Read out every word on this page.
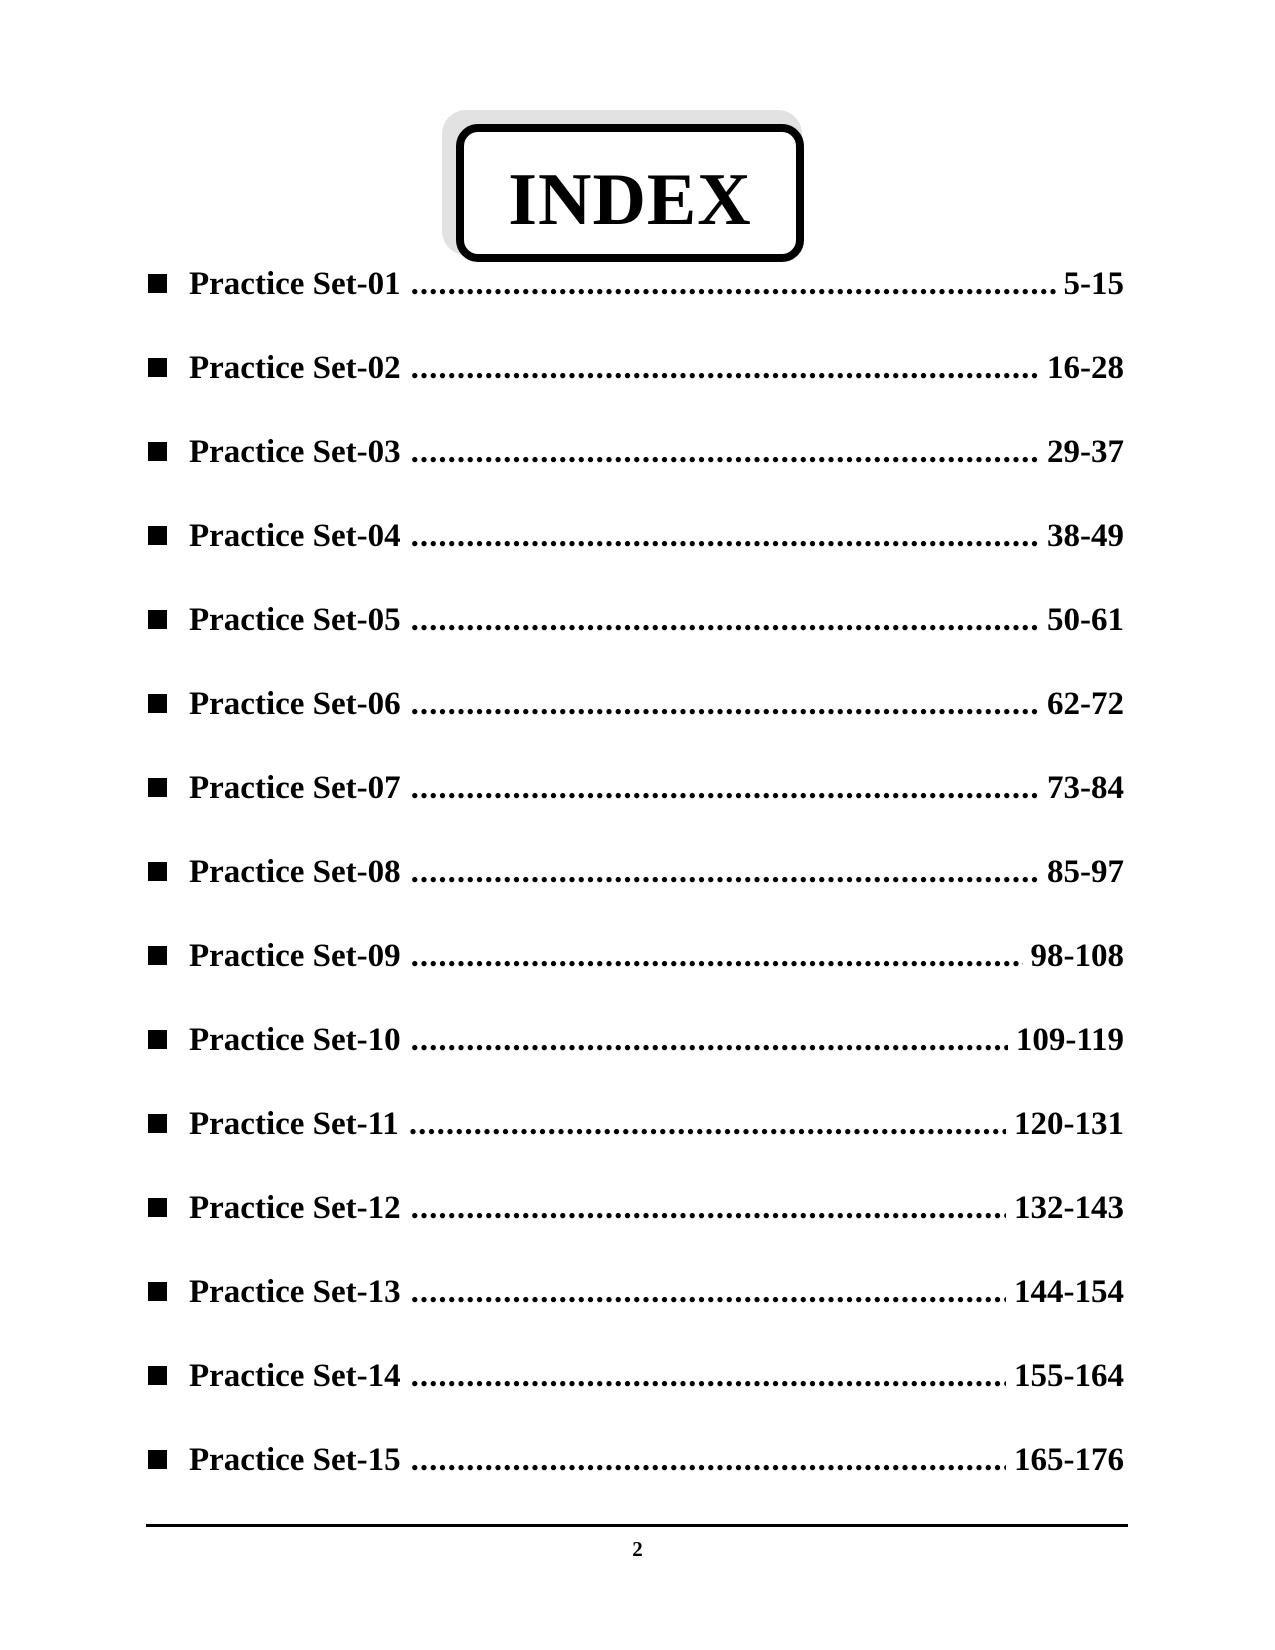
INDEX
Practice Set-01 .....	5-15
Practice Set-02 .....	16-28
Practice Set-03 .....	29-37
Practice Set-04 .....	38-49
Practice Set-05 .....	50-61
Practice Set-06 .....	62-72
Practice Set-07 .....	73-84
Practice Set-08 .....	85-97
Practice Set-09 .....	98-108
Practice Set-10 .....	109-119
Practice Set-11 .....	120-131
Practice Set-12 .....	132-143
Practice Set-13 .....	144-154
Practice Set-14 .....	155-164
Practice Set-15 .....	165-176
2
